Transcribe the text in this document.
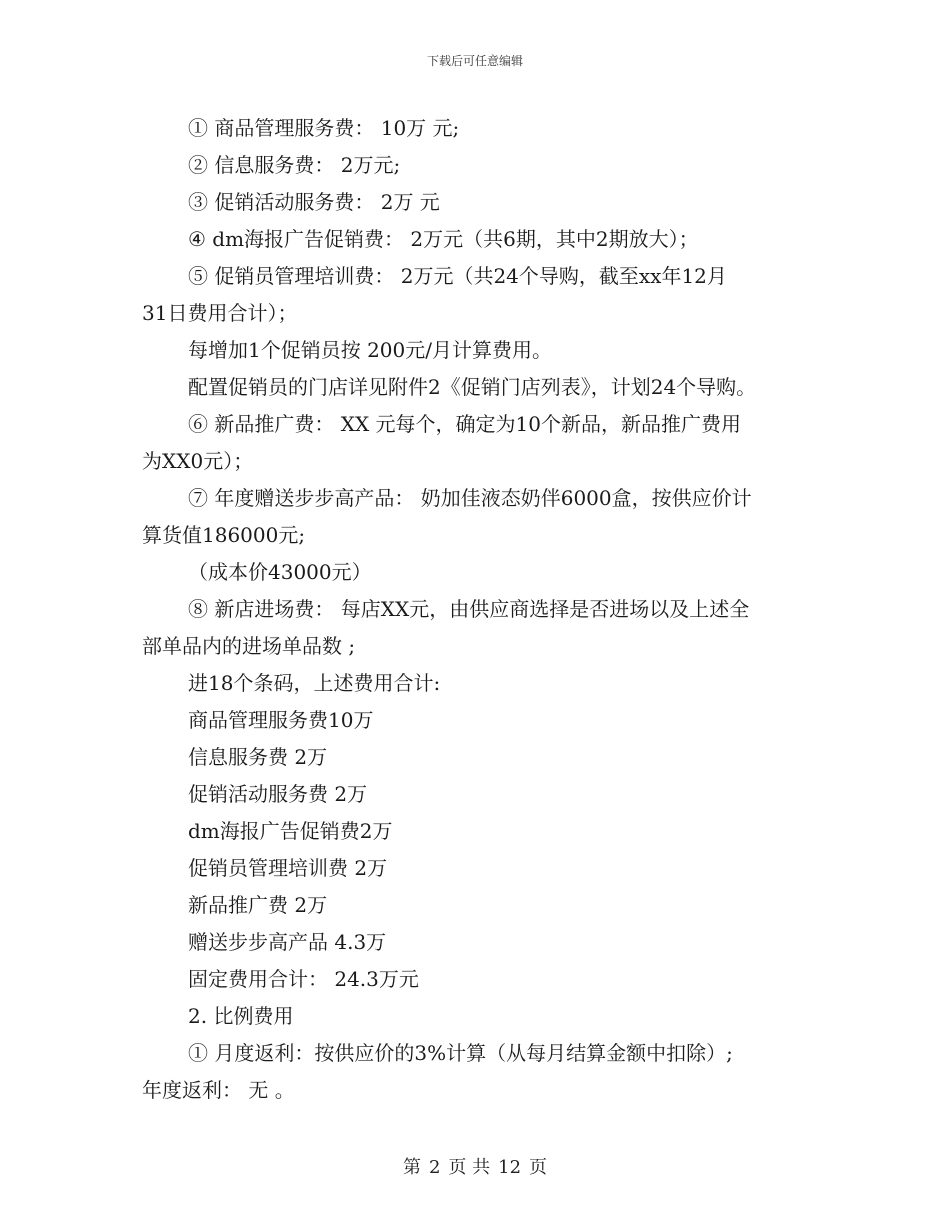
下载后可任意编辑
① 商品管理服务费： 10万 元;
② 信息服务费： 2万元;
③ 促销活动服务费： 2万 元
④ dm海报广告促销费： 2万元（共6期，其中2期放大）；
⑤ 促销员管理培训费： 2万元（共24个导购，截至xx年12月
31日费用合计）；
每增加1个促销员按 200元/月计算费用。
配置促销员的门店详见附件2《促销门店列表》，计划24个导购。
⑥ 新品推广费： XX 元每个，确定为10个新品，新品推广费用
为XX0元）；
⑦ 年度赠送步步高产品： 奶加佳液态奶伴6000盒，按供应价计
算货值186000元;
（成本价43000元）
⑧ 新店进场费： 每店XX元，由供应商选择是否进场以及上述全
部单品内的进场单品数 ;
进18个条码，上述费用合计:
商品管理服务费10万
信息服务费 2万
促销活动服务费 2万
dm海报广告促销费2万
促销员管理培训费 2万
新品推广费 2万
赠送步步高产品 4.3万
固定费用合计： 24.3万元
2. 比例费用
① 月度返利：按供应价的3%计算（从每月结算金额中扣除）;
年度返利： 无 。
第 2 页 共 12 页
